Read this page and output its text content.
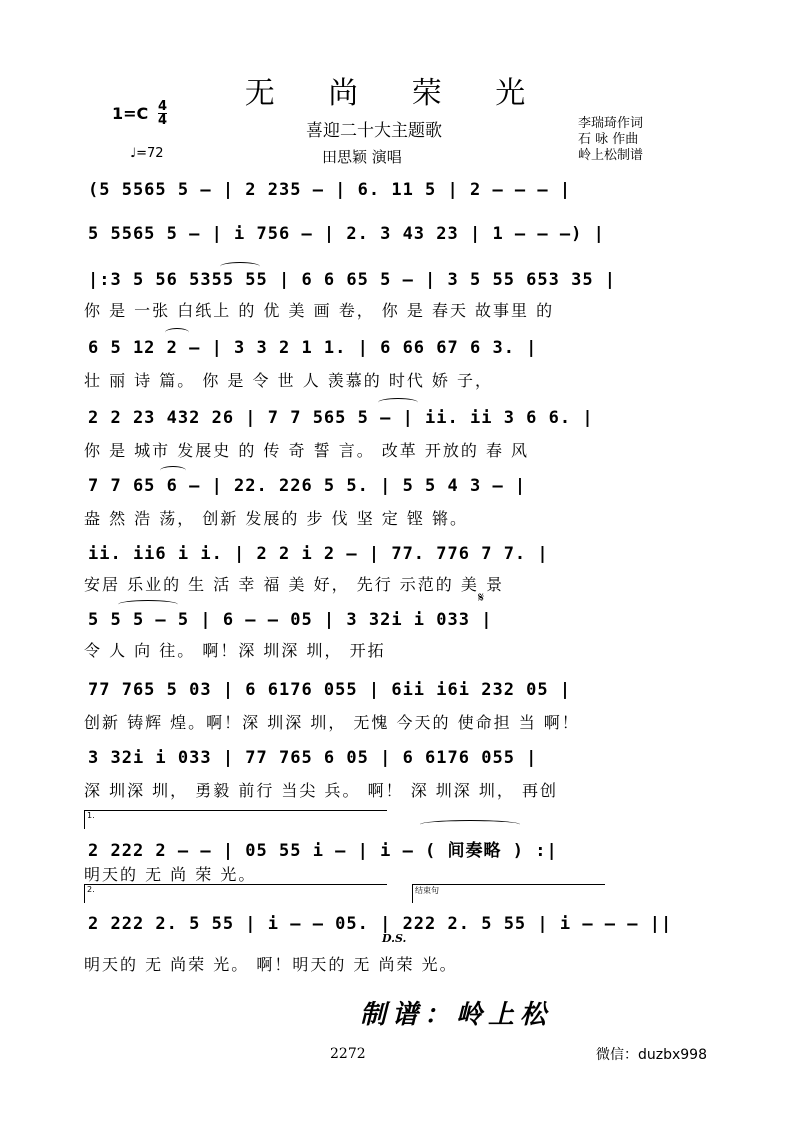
无 尚 荣 光
1=C 4
4
♩=72
喜迎二十大主题歌
田思颖 演唱
李瑞琦作词
石 咏 作曲
岭上松制谱
(5 5565 5 – | 2 235 – | 6. 11 5 | 2 – – – |
5 5565 5 – | i 756 – | 2. 3 43 23 | 1 – – –) |
|:3 5 56 5355 55 | 6 6 65 5 – | 3 5 55 653 35 |
你 是 一张 白纸上 的 优 美 画 卷， 你 是 春天 故事里 的
6 5 12 2 – | 3 3 2 1 1. | 6 66 67 6 3. |
壮 丽 诗 篇。 你 是 令 世 人 羡慕的 时代 娇 子，
2 2 23 432 26 | 7 7 565 5 – | ii. ii 3 6 6. |
你 是 城市 发展史 的 传 奇 誓 言。 改革 开放的 春 风
7 7 65 6 – | 22. 226 5 5. | 5 5 4 3 – |
盎 然 浩 荡， 创新 发展的 步 伐 坚 定 铿 锵。
ii. ii6 i i. | 2 2 i 2 – | 77. 776 7 7. |
安居 乐业的 生 活 幸 福 美 好， 先行 示范的 美 景
5 5 5 – 5 | 6 – – 05 | 3 32i i 033 |
令 人 向 往。 啊！深 圳深 圳， 开拓
77 765 5 03 | 6 6176 055 | 6ii i6i 232 05 |
创新 铸辉 煌。啊！深 圳深 圳， 无愧 今天的 使命担 当 啊！
3 32i i 033 | 77 765 6 05 | 6 6176 055 |
深 圳深 圳， 勇毅 前行 当尖 兵。 啊！ 深 圳深 圳， 再创
1.
2 222 2 – – | 05 55 i – | i – ( 间奏略 ) :|
明天的 无 尚 荣 光。
2.	结束句
2 222 2. 5 55 | i – – 05. | 222 2. 5 55 | i – – – ||
D.S.
明天的 无 尚荣 光。 啊！明天的 无 尚荣 光。
𝄋
制谱：岭上松
2272	微信：duzbx998
